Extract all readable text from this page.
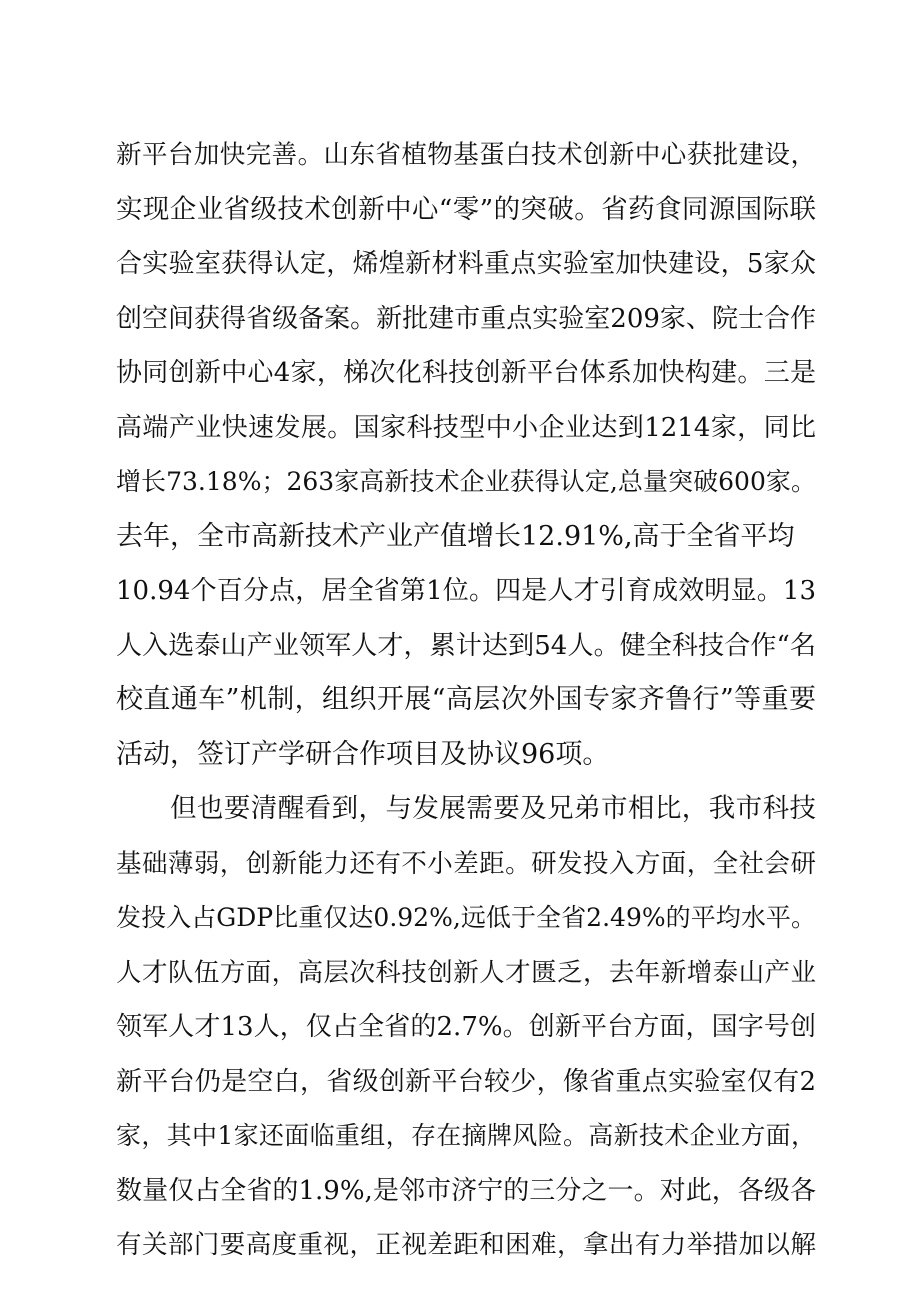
新平台加快完善。山东省植物基蛋白技术创新中心获批建设，
实现企业省级技术创新中心“零”的突破。省药食同源国际联
合实验室获得认定，烯煌新材料重点实验室加快建设，5家众
创空间获得省级备案。新批建市重点实验室209家、院士合作
协同创新中心4家，梯次化科技创新平台体系加快构建。三是
高端产业快速发展。国家科技型中小企业达到1214家，同比
增长73.18%；263家高新技术企业获得认定,总量突破600家。
去年，全市高新技术产业产值增长12.91%,高于全省平均
10.94个百分点，居全省第1位。四是人才引育成效明显。13
人入选泰山产业领军人才，累计达到54人。健全科技合作“名
校直通车”机制，组织开展“高层次外国专家齐鲁行”等重要
活动，签订产学研合作项目及协议96项。
但也要清醒看到，与发展需要及兄弟市相比，我市科技
基础薄弱，创新能力还有不小差距。研发投入方面，全社会研
发投入占GDP比重仅达0.92%,远低于全省2.49%的平均水平。
人才队伍方面，高层次科技创新人才匮乏，去年新增泰山产业
领军人才13人，仅占全省的2.7%。创新平台方面，国字号创
新平台仍是空白，省级创新平台较少，像省重点实验室仅有2
家，其中1家还面临重组，存在摘牌风险。高新技术企业方面，
数量仅占全省的1.9%,是邻市济宁的三分之一。对此，各级各
有关部门要高度重视，正视差距和困难，拿出有力举措加以解
